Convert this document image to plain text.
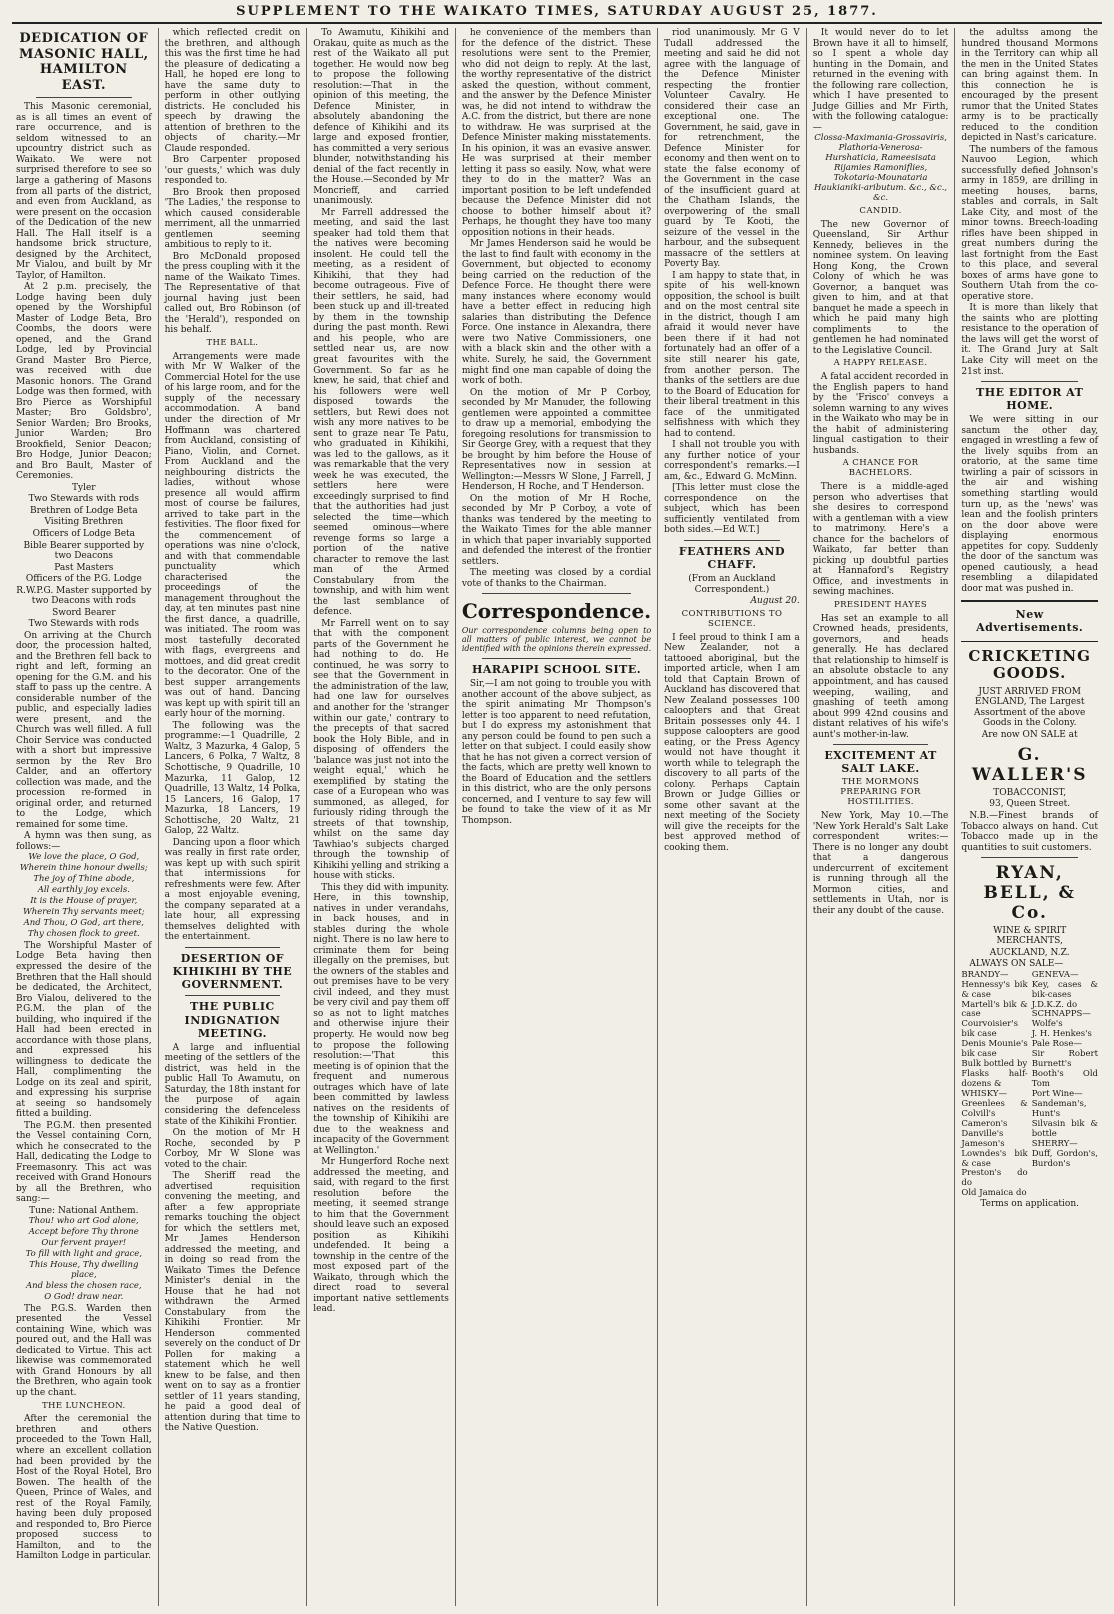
SUPPLEMENT TO THE WAIKATO TIMES, SATURDAY AUGUST 25, 1877.

DEDICATION OF MASONIC HALL, HAMILTON EAST.

This Masonic ceremonial, as is all times an event of rare occurrence, and is seldom witnessed to an upcountry district such as Waikato. We were not surprised therefore to see so large a gathering of Masons from all parts of the district, and even from Auckland, as were present on the occasion of the Dedication of the new Hall. The Hall itself is a handsome brick structure, designed by the Architect, Mr Vialou, and built by Mr Taylor, of Hamilton.

At 2 p.m. precisely, the Lodge having been duly opened by the Worshipful Master of Lodge Beta, Bro Coombs, the doors were opened, and the Grand Lodge, led by Provincial Grand Master Bro Pierce, was received with due Masonic honors. The Grand Lodge was then formed, with Bro Pierce as Worshipful Master; Bro Goldsbro', Senior Warden; Bro Brooks, Junior Warden; Bro Brookfield, Senior Deacon; Bro Hodge, Junior Deacon; and Bro Bault, Master of Ceremonies.

Tyler

Two Stewards with rods

Brethren of Lodge Beta

Visiting Brethren

Officers of Lodge Beta

Bible Bearer supported by two Deacons

Past Masters

Officers of the P.G. Lodge

R.W.P.G. Master supported by two Deacons with rods

Sword Bearer

Two Stewards with rods

On arriving at the Church door, the procession halted, and the Brethren fell back to right and left, forming an opening for the G.M. and his staff to pass up the centre. A considerable number of the public, and especially ladies were present, and the Church was well filled. A full Choir Service was conducted with a short but impressive sermon by the Rev Bro Calder, and an offertory collection was made, and the procession re-formed in original order, and returned to the Lodge, which remained for some time.

A hymn was then sung, as follows:—

We love the place, O God,

Wherein thine honour dwells;

The joy of Thine abode,

All earthly joy excels.

It is the House of prayer,

Wherein Thy servants meet;

And Thou, O God, art there,

Thy chosen flock to greet.

The Worshipful Master of Lodge Beta having then expressed the desire of the Brethren that the Hall should be dedicated, the Architect, Bro Vialou, delivered to the P.G.M. the plan of the building, who inquired if the Hall had been erected in accordance with those plans, and expressed his willingness to dedicate the Hall, complimenting the Lodge on its zeal and spirit, and expressing his surprise at seeing so handsomely fitted a building.

The P.G.M. then presented the Vessel containing Corn, which he consecrated to the Hall, dedicating the Lodge to Freemasonry. This act was received with Grand Honours by all the Brethren, who sang:—

Tune: National Anthem.

Thou! who art God alone,

Accept before Thy throne

Our fervent prayer!

To fill with light and grace,

This House, Thy dwelling place,

And bless the chosen race,

O God! draw near.

The P.G.S. Warden then presented the Vessel containing Wine, which was poured out, and the Hall was dedicated to Virtue. This act likewise was commemorated with Grand Honours by all the Brethren, who again took up the chant.

THE LUNCHEON.

After the ceremonial the brethren and others proceeded to the Town Hall, where an excellent collation had been provided by the Host of the Royal Hotel, Bro Bowen. The health of the Queen, Prince of Wales, and rest of the Royal Family, having been duly proposed and responded to, Bro Pierce proposed success to Hamilton, and to the Hamilton Lodge in particular.

which reflected credit on the brethren, and although this was the first time he had the pleasure of dedicating a Hall, he hoped ere long to have the same duty to perform in other outlying districts. He concluded his speech by drawing the attention of brethren to the objects of charity.—Mr Claude responded.

Bro Carpenter proposed 'our guests,' which was duly responded to.

Bro Brook then proposed 'The Ladies,' the response to which caused considerable merriment, all the unmarried gentlemen seeming ambitious to reply to it.

Bro McDonald proposed the press coupling with it the name of the Waikato Times. The Representative of that journal having just been called out, Bro Robinson (of the 'Herald'), responded on his behalf.

THE BALL.

Arrangements were made with Mr W Walker of the Commercial Hotel for the use of his large room, and for the supply of the necessary accommodation. A band under the direction of Mr Hoffmann was chartered from Auckland, consisting of Piano, Violin, and Cornet. From Auckland and the neighbouring districts the ladies, without whose presence all would affirm most of course be failures, arrived to take part in the festivities. The floor fixed for the commencement of operations was nine o'clock, and with that commendable punctuality which characterised the proceedings of the management throughout the day, at ten minutes past nine the first dance, a quadrille, was initiated. The room was most tastefully decorated with flags, evergreens and mottoes, and did great credit to the decorator. One of the best supper arrangements was out of hand. Dancing was kept up with spirit till an early hour of the morning.

The following was the programme:—1 Quadrille, 2 Waltz, 3 Mazurka, 4 Galop, 5 Lancers, 6 Polka, 7 Waltz, 8 Schottische, 9 Quadrille, 10 Mazurka, 11 Galop, 12 Quadrille, 13 Waltz, 14 Polka, 15 Lancers, 16 Galop, 17 Mazurka, 18 Lancers, 19 Schottische, 20 Waltz, 21 Galop, 22 Waltz.

Dancing upon a floor which was really in first rate order, was kept up with such spirit that intermissions for refreshments were few. After a most enjoyable evening, the company separated at a late hour, all expressing themselves delighted with the entertainment.

DESERTION OF KIHIKIHI BY THE GOVERNMENT.

THE PUBLIC INDIGNATION MEETING.

A large and influential meeting of the settlers of the district, was held in the public Hall To Awamutu, on Saturday, the 18th instant for the purpose of again considering the defenceless state of the Kihikihi Frontier.

On the motion of Mr H Roche, seconded by P Corboy, Mr W Slone was voted to the chair.

The Sheriff read the advertised requisition convening the meeting, and after a few appropriate remarks touching the object for which the settlers met, Mr James Henderson addressed the meeting, and in doing so read from the Waikato Times the Defence Minister's denial in the House that he had not withdrawn the Armed Constabulary from the Kihikihi Frontier. Mr Henderson commented severely on the conduct of Dr Pollen for making a statement which he well knew to be false, and then went on to say as a frontier settler of 11 years standing, he paid a good deal of attention during that time to the Native Question.

To Awamutu, Kihikihi and Orakau, quite as much as the rest of the Waikato all put together. He would now beg to propose the following resolution:—That in the opinion of this meeting, the Defence Minister, in absolutely abandoning the defence of Kihikihi and its large and exposed frontier, has committed a very serious blunder, notwithstanding his denial of the fact recently in the House.—Seconded by Mr Moncrieff, and carried unanimously.

Mr Farrell addressed the meeting, and said the last speaker had told them that the natives were becoming insolent. He could tell the meeting, as a resident of Kihikihi, that they had become outrageous. Five of their settlers, he said, had been stuck up and ill-treated by them in the township during the past month. Rewi and his people, who are settled near us, are now great favourites with the Government. So far as he knew, he said, that chief and his followers were well disposed towards the settlers, but Rewi does not wish any more natives to be sent to graze near Te Patu, who graduated in Kihikihi, was led to the gallows, as it was remarkable that the very week he was executed, the settlers here were exceedingly surprised to find that the authorities had just selected the time—which seemed ominous—where revenge forms so large a portion of the native character to remove the last man of the Armed Constabulary from the township, and with him went the last semblance of defence.

Mr Farrell went on to say that with the component parts of the Government he had nothing to do. He continued, he was sorry to see that the Government in the administration of the law, had one law for ourselves and another for the 'stranger within our gate,' contrary to the precepts of that sacred book the Holy Bible, and in disposing of offenders the 'balance was just not into the weight equal,' which he exemplified by stating the case of a European who was summoned, as alleged, for furiously riding through the streets of that township, whilst on the same day Tawhiao's subjects charged through the township of Kihikihi yelling and striking a house with sticks.

This they did with impunity. Here, in this township, natives in under verandahs, in back houses, and in stables during the whole night. There is no law here to criminate them for being illegally on the premises, but the owners of the stables and out premises have to be very civil indeed, and they must be very civil and pay them off so as not to light matches and otherwise injure their property. He would now beg to propose the following resolution:—'That this meeting is of opinion that the frequent and numerous outrages which have of late been committed by lawless natives on the residents of the township of Kihikihi are due to the weakness and incapacity of the Government at Wellington.'

Mr Hungerford Roche next addressed the meeting, and said, with regard to the first resolution before the meeting, it seemed strange to him that the Government should leave such an exposed position as Kihikihi undefended. It being a township in the centre of the most exposed part of the Waikato, through which the direct road to several important native settlements lead.

he convenience of the members than for the defence of the district. These resolutions were sent to the Premier, who did not deign to reply. At the last, the worthy representative of the district asked the question, without comment, and the answer by the Defence Minister was, he did not intend to withdraw the A.C. from the district, but there are none to withdraw. He was surprised at the Defence Minister making misstatements. In his opinion, it was an evasive answer. He was surprised at their member letting it pass so easily. Now, what were they to do in the matter? Was an important position to be left undefended because the Defence Minister did not choose to bother himself about it? Perhaps, he thought they have too many opposition notions in their heads.

Mr James Henderson said he would be the last to find fault with economy in the Government, but objected to economy being carried on the reduction of the Defence Force. He thought there were many instances where economy would have a better effect in reducing high salaries than distributing the Defence Force. One instance in Alexandra, there were two Native Commissioners, one with a black skin and the other with a white. Surely, he said, the Government might find one man capable of doing the work of both.

On the motion of Mr P Corboy, seconded by Mr Manuder, the following gentlemen were appointed a committee to draw up a memorial, embodying the foregoing resolutions for transmission to Sir George Grey, with a request that they be brought by him before the House of Representatives now in session at Wellington:—Messrs W Slone, J Farrell, J Henderson, H Roche, and T Henderson.

On the motion of Mr H Roche, seconded by Mr P Corboy, a vote of thanks was tendered by the meeting to the Waikato Times for the able manner in which that paper invariably supported and defended the interest of the frontier settlers.

The meeting was closed by a cordial vote of thanks to the Chairman.

Correspondence.

Our correspondence columns being open to all matters of public interest, we cannot be identified with the opinions therein expressed.

HARAPIPI SCHOOL SITE.

Sir,—I am not going to trouble you with another account of the above subject, as the spirit animating Mr Thompson's letter is too apparent to need refutation, but I do express my astonishment that any person could be found to pen such a letter on that subject. I could easily show that he has not given a correct version of the facts, which are pretty well known to the Board of Education and the settlers in this district, who are the only persons concerned, and I venture to say few will be found to take the view of it as Mr Thompson.

riod unanimously. Mr G V Tudall addressed the meeting and said he did not agree with the language of the Defence Minister respecting the frontier Volunteer Cavalry. He considered their case an exceptional one. The Government, he said, gave in for retrenchment, the Defence Minister for economy and then went on to state the false economy of the Government in the case of the insufficient guard at the Chatham Islands, the overpowering of the small guard by Te Kooti, the seizure of the vessel in the harbour, and the subsequent massacre of the settlers at Poverty Bay.

I am happy to state that, in spite of his well-known opposition, the school is built and on the most central site in the district, though I am afraid it would never have been there if it had not fortunately had an offer of a site still nearer his gate, from another person. The thanks of the settlers are due to the Board of Education for their liberal treatment in this face of the unmitigated selfishness with which they had to contend.

I shall not trouble you with any further notice of your correspondent's remarks.—I am, &c., Edward G. McMinn.

[This letter must close the correspondence on the subject, which has been sufficiently ventilated from both sides.—Ed W.T.]

FEATHERS AND CHAFF.

(From an Auckland Correspondent.)

August 20.

CONTRIBUTIONS TO SCIENCE.

I feel proud to think I am a New Zealander, not a tattooed aboriginal, but the imported article, when I am told that Captain Brown of Auckland has discovered that New Zealand possesses 100 caloopters and that Great Britain possesses only 44. I suppose caloopters are good eating, or the Press Agency would not have thought it worth while to telegraph the discovery to all parts of the colony. Perhaps Captain Brown or Judge Gillies or some other savant at the next meeting of the Society will give the receipts for the best approved method of cooking them.

It would never do to let Brown have it all to himself, so I spent a whole day hunting in the Domain, and returned in the evening with the following rare collection, which I have presented to Judge Gillies and Mr Firth, with the following catalogue:—

Clossa-Maximania-Grossaviris, Plathoria-Venerosa-Hurshaticia, Rameesisata Rijamies Ramoniflies, Tokotaria-Mounataria Haukianiki-aributum. &c., &c., &c.

CANDID.

The new Governor of Queensland, Sir Arthur Kennedy, believes in the nominee system. On leaving Hong Kong, the Crown Colony of which he was Governor, a banquet was given to him, and at that banquet he made a speech in which he paid many high compliments to the gentlemen he had nominated to the Legislative Council.

A HAPPY RELEASE.

A fatal accident recorded in the English papers to hand by the 'Frisco' conveys a solemn warning to any wives in the Waikato who may be in the habit of administering lingual castigation to their husbands.

A CHANCE FOR BACHELORS.

There is a middle-aged person who advertises that she desires to correspond with a gentleman with a view to matrimony. Here's a chance for the bachelors of Waikato, far better than picking up doubtful parties at Hannaford's Registry Office, and investments in sewing machines.

PRESIDENT HAYES

Has set an example to all Crowned heads, presidents, governors, and heads generally. He has declared that relationship to himself is an absolute obstacle to any appointment, and has caused weeping, wailing, and gnashing of teeth among about 999 42nd cousins and distant relatives of his wife's aunt's mother-in-law.

EXCITEMENT AT SALT LAKE.

THE MORMONS PREPARING FOR HOSTILITIES.

New York, May 10.—The 'New York Herald's Salt Lake correspondent writes:—There is no longer any doubt that a dangerous undercurrent of excitement is running through all the Mormon cities, and settlements in Utah, nor is their any doubt of the cause.

the adultss among the hundred thousand Mormons in the Territory can whip all the men in the United States can bring against them. In this connection he is encouraged by the present rumor that the United States army is to be practically reduced to the condition depicted in Nast's caricature.

The numbers of the famous Nauvoo Legion, which successfully defied Johnson's army in 1859, are drilling in meeting houses, barns, stables and corrals, in Salt Lake City, and most of the minor towns. Breech-loading rifles have been shipped in great numbers during the last fortnight from the East to this place, and several boxes of arms have gone to Southern Utah from the co-operative store.

It is more than likely that the saints who are plotting resistance to the operation of the laws will get the worst of it. The Grand Jury at Salt Lake City will meet on the 21st inst.

THE EDITOR AT HOME.

We were sitting in our sanctum the other day, engaged in wrestling a few of the lively squibs from an oratorio, at the same time twirling a pair of scissors in the air and wishing something startling would turn up, as the 'news' was lean and the foolish printers on the door above were displaying enormous appetites for copy. Suddenly the door of the sanctum was opened cautiously, a head resembling a dilapidated door mat was pushed in.

New Advertisements.

CRICKETING GOODS.

JUST ARRIVED FROM ENGLAND, The Largest Assortment of the above Goods in the Colony.

Are now ON SALE at

G. WALLER'S

TOBACCONIST,

93, Queen Street.

N.B.—Finest brands of Tobacco always on hand. Cut Tobacco made up in the quantities to suit customers.

RYAN, BELL, & Co.

WINE & SPIRIT MERCHANTS,

AUCKLAND, N.Z.

ALWAYS ON SALE—

BRANDY—
Hennessy's bik & case
Martell's bik & case
Courvoisier's bik case
Denis Mounie's bik case
Bulk bottled by
Flasks half-dozens &
WHISKY—
Greenlees & Colvill's
Cameron's
Danville's Jameson's
Lowndes's bik & case
Preston's do do
Old Jamaica do
GENEVA—
Key, cases & bik-cases
J.D.K.Z. do
SCHNAPPS—
Wolfe's
J. H. Henkes's
Pale Rose—
Sir Robert Burnett's
Booth's Old Tom
Port Wine—
Sandeman's, Hunt's
Silvasin bik & bottle
SHERRY—
Duff, Gordon's, Burdon's

Terms on application.
